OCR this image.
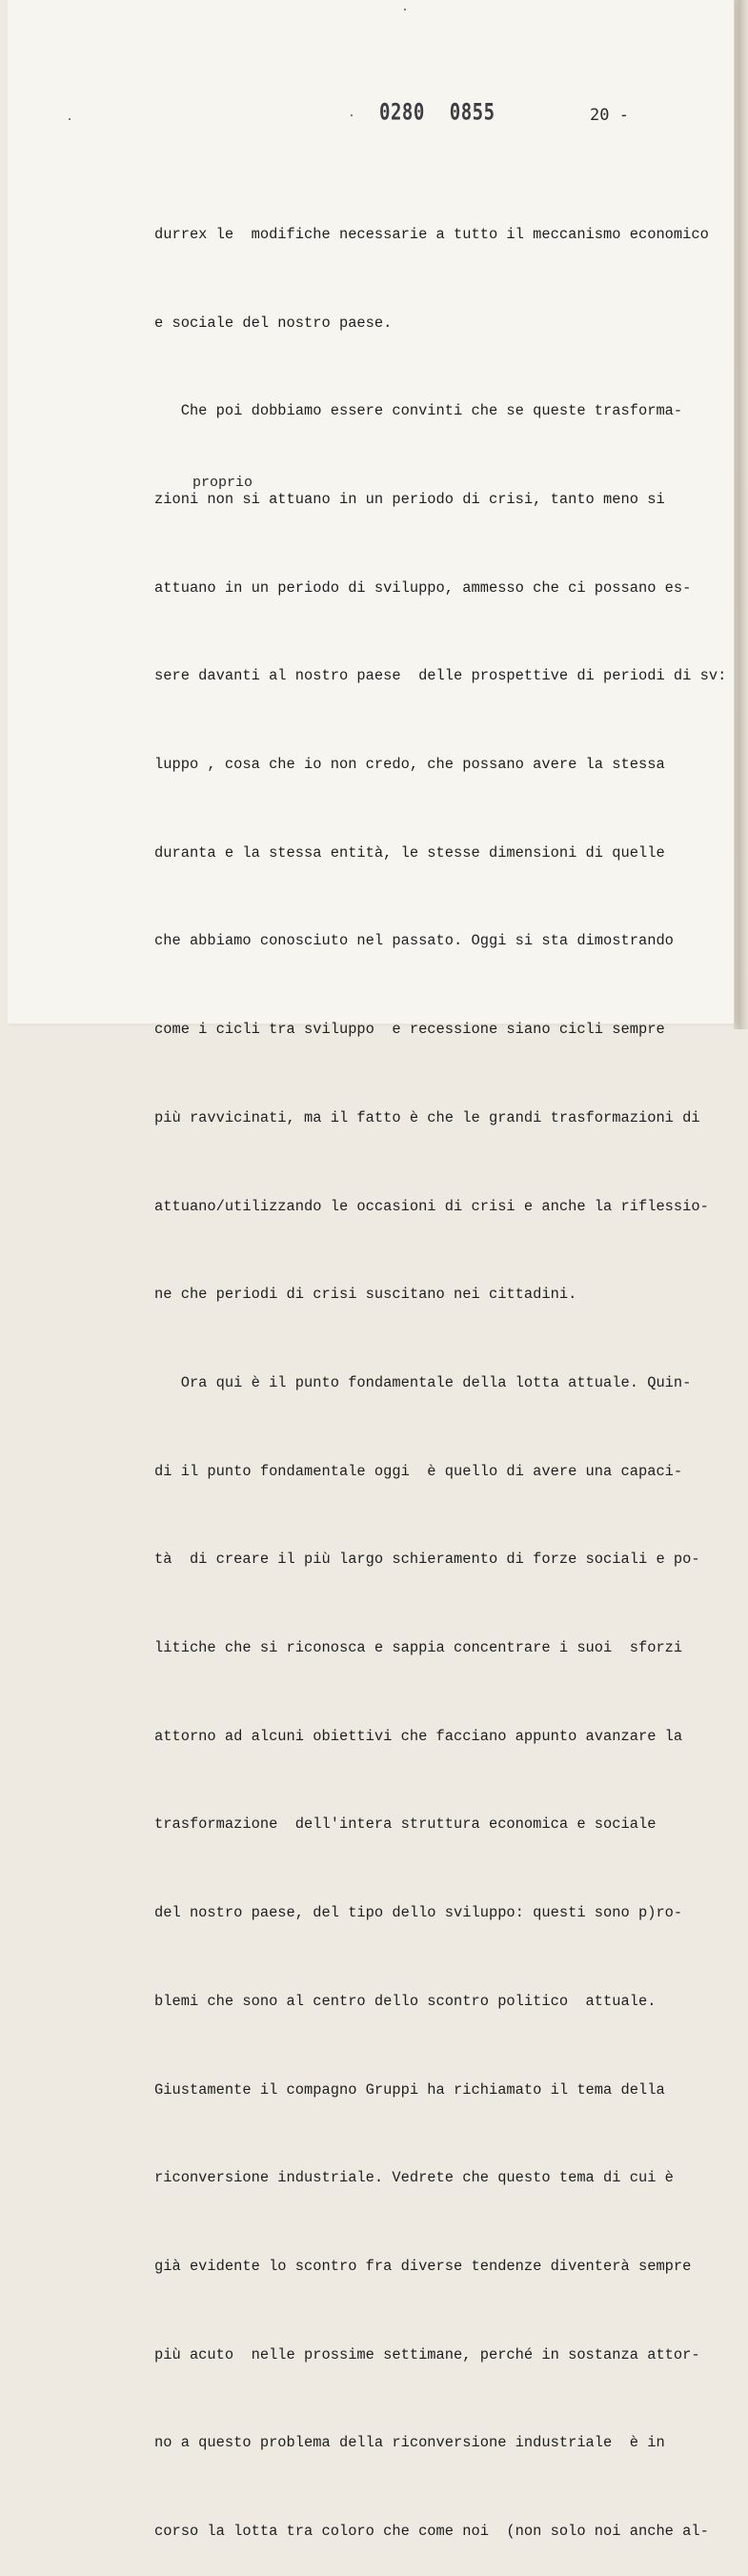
0280 0855	20 -
proprio

durreх le  modifiche necessarie a tutto il meccanismo economico

e sociale del nostro paese.

Che poi dobbiamo essere convinti che se queste trasforma-

zioni non si attuano in un periodo di crisi, tanto meno si

attuano in un periodo di sviluppo, ammesso che ci possano es-

sere davanti al nostro paese  delle prospettive di periodi di sv:

luppo , cosa che io non credo, che possano avere la stessa

duranta e la stessa entità, le stesse dimensioni di quelle

che abbiamo conosciuto nel passato. Oggi si sta dimostrando

come i cicli tra sviluppo  e recessione siano cicli sempre

più ravvicinati, ma il fatto è che le grandi trasformazioni di

attuano/utilizzando le occasioni di crisi e anche la riflessio-

ne che periodi di crisi suscitano nei cittadini.

Ora qui è il punto fondamentale della lotta attuale. Quin-

di il punto fondamentale oggi  è quello di avere una capaci-

tà  di creare il più largo schieramento di forze sociali e po-

litiche che si riconosca e sappia concentrare i suoi  sforzi

attorno ad alcuni obiettivi che facciano appunto avanzare la

trasformazione  dell'intera struttura economica e sociale

del nostro paese, del tipo dello sviluppo: questi sono p)ro-

blemi che sono al centro dello scontro politico  attuale.

Giustamente il compagno Gruppi ha richiamato il tema della

riconversione industriale. Vedrete che questo tema di cui è

già evidente lo scontro fra diverse tendenze diventerà sempre

più acuto  nelle prossime settimane, perché in sostanza attor-

no a questo problema della riconversione industriale  è in

corso la lotta tra coloro che come noi  (non solo noi anche al-
